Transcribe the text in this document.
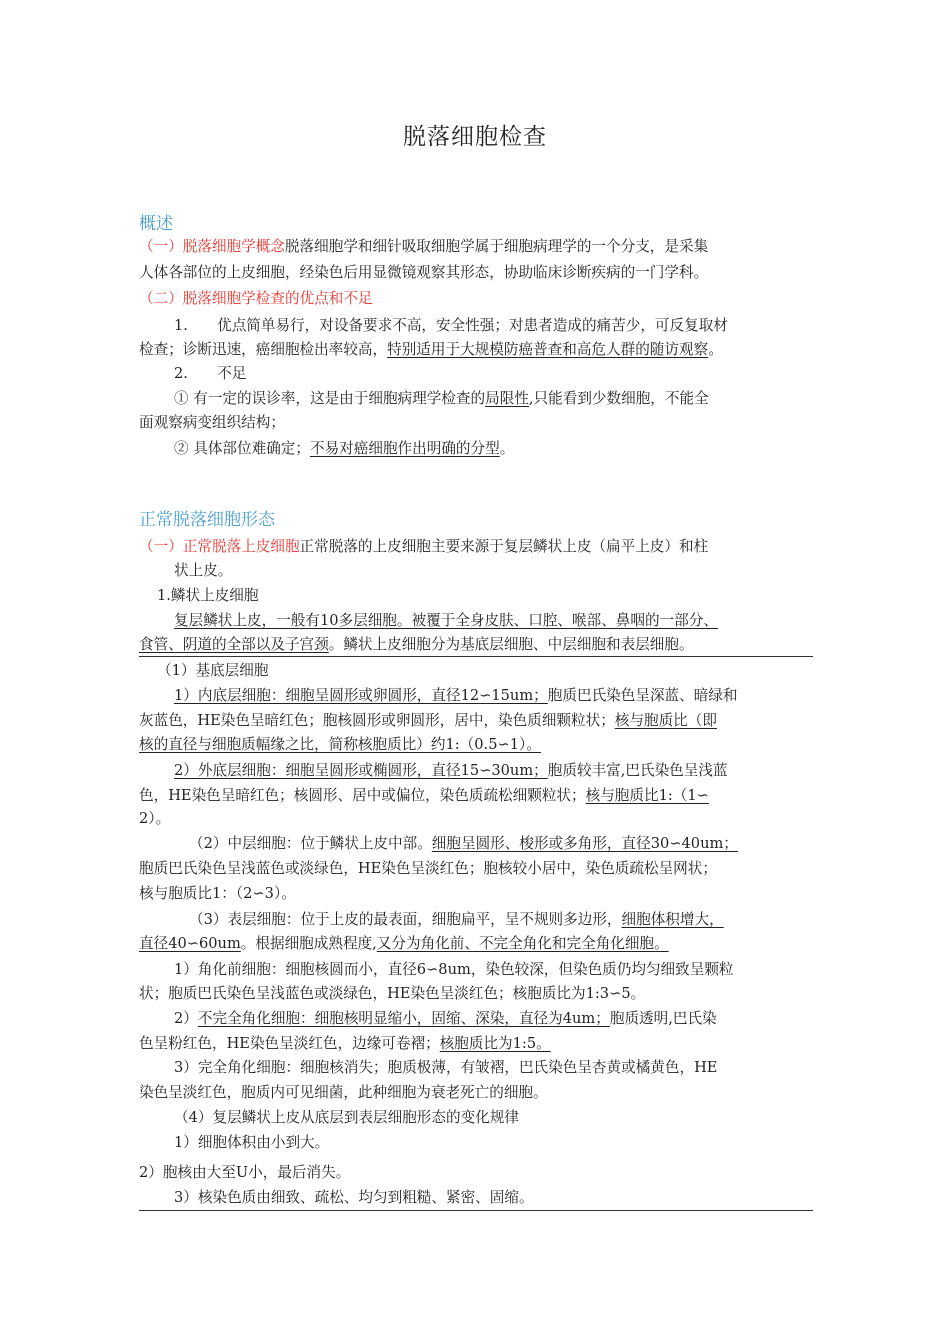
脱落细胞检查
概述
（一）脱落细胞学概念脱落细胞学和细针吸取细胞学属于细胞病理学的一个分支，是采集
人体各部位的上皮细胞，经染色后用显微镜观察其形态，协助临床诊断疾病的一门学科。
（二）脱落细胞学检查的优点和不足
1.　　优点简单易行，对设备要求不高，安全性强；对患者造成的痛苦少，可反复取材
检查；诊断迅速，癌细胞检出率较高，特别适用于大规模防癌普查和高危人群的随访观察。
2.　　不足
① 有一定的误诊率，这是由于细胞病理学检查的局限性,只能看到少数细胞，不能全
面观察病变组织结构；
② 具体部位难确定；不易对癌细胞作出明确的分型。
正常脱落细胞形态
（一）正常脱落上皮细胞正常脱落的上皮细胞主要来源于复层鳞状上皮（扁平上皮）和柱
状上皮。
1.鳞状上皮细胞
复层鳞状上皮，一般有10多层细胞。被覆于全身皮肤、口腔、喉部、鼻咽的一部分、
食管、阴道的全部以及子宫颈。鳞状上皮细胞分为基底层细胞、中层细胞和表层细胞。
（1）基底层细胞
1）内底层细胞：细胞呈圆形或卵圆形，直径12∽15um；胞质巴氏染色呈深蓝、暗绿和
灰蓝色，HE染色呈暗红色；胞核圆形或卵圆形，居中，染色质细颗粒状；核与胞质比（即
核的直径与细胞质幅缘之比，简称核胞质比）约1:（0.5∽1）。
2）外底层细胞：细胞呈圆形或椭圆形，直径15∽30um；胞质较丰富,巴氏染色呈浅蓝
色，HE染色呈暗红色；核圆形、居中或偏位，染色质疏松细颗粒状；核与胞质比1:（1∽
2）。
（2）中层细胞：位于鳞状上皮中部。细胞呈圆形、梭形或多角形，直径30∽40um；
胞质巴氏染色呈浅蓝色或淡绿色，HE染色呈淡红色；胞核较小居中，染色质疏松呈网状；
核与胞质比1：（2∽3）。
（3）表层细胞：位于上皮的最表面，细胞扁平，呈不规则多边形，细胞体积增大，
直径40∽60um。根据细胞成熟程度,又分为角化前、不完全角化和完全角化细胞。
1）角化前细胞：细胞核圆而小，直径6∽8um，染色较深，但染色质仍均匀细致呈颗粒
状；胞质巴氏染色呈浅蓝色或淡绿色，HE染色呈淡红色；核胞质比为1:3∽5。
2）不完全角化细胞：细胞核明显缩小，固缩、深染，直径为4um；胞质透明,巴氏染
色呈粉红色，HE染色呈淡红色，边缘可卷褶；核胞质比为1:5。
3）完全角化细胞：细胞核消失；胞质极薄，有皱褶，巴氏染色呈杏黄或橘黄色，HE
染色呈淡红色，胞质内可见细菌，此种细胞为衰老死亡的细胞。
（4）复层鳞状上皮从底层到表层细胞形态的变化规律
1）细胞体积由小到大。
2）胞核由大至U小，最后消失。
3）核染色质由细致、疏松、均匀到粗糙、紧密、固缩。
